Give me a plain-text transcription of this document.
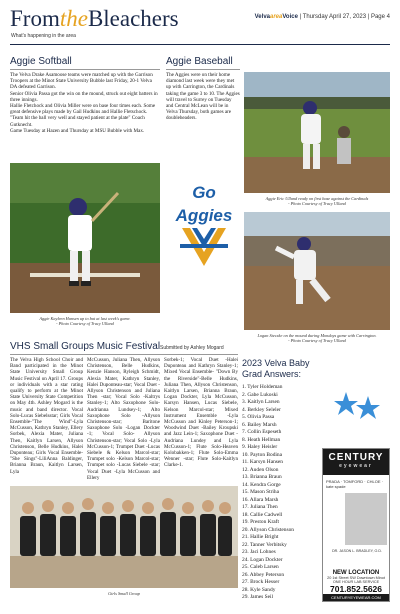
FromtheBleachers
What's happening in the area
VelvaareaVoice | Thursday April 27, 2023 | Page 4
Aggie Softball

The Velva Drake Asamoose teams were matched up with the Garrison Troopers at the Minot State University Bubble last Friday, 20-1 Velva DA defeated Garrison.

Senior Olivia Passa got the win on the mound, struck out eight batters in three innings.

Hallie Fletchock and Olivia Miller were on base four times each. Some great defensive plays made by Gail Hudkins and Hallie Fletschock. "Team hit the ball very well and stayed patient at the plate" Coach Gutknecht.

Game Tuesday at Hazen and Thursday at MSU Bubble with Max.

Aggie Kayleen Hansen up to bat at last week's game.
- Photo Courtesy of Tracy Ulland
Aggie Baseball
The Aggies were on their home diamond last week were they met up with Carrington, the Cardinals taking the game 3 to 10. The Aggies will travel to Surrey on Tuesday and Central McLean will be in Velva Thursday, both games are doubleheaders.
Aggie Eric Ulland ready on first base against the Cardinals
- Photo Courtesy of Tracy Ulland
Go
Aggies
Logan Stecxke on the mound during Mondays game with Carrington.
- Photo Courtesy of Tracy Ulland
VHS Small Groups Music Festival Submitted by Ashley Mogard
The Velva High School Choir and Band participated in the Minot State University Small Group Music Festival on April 17. Groups or individuals with a star rating qualify to perform at the Minot State University State Competition on May 4th. Ashley Mogard is the music and band director. Vocal Solo-Lucas Siebelsstar; Girls Vocal Ensemble-"The Wind"-Lyla McCusson, Kathryn Stanley, Ellery Sorbek, Alexia Mater, Juliana Then, Kaitlyn Larsen, Allyson Christenson, Belle Hudkins, Halei Duponteau; Girls Vocal Ensemble-"She Sings"-LiliAnna Baldinger, Brianna Braun, Kaitlyn Larsen, Lyla
McCusson, Juliana Then, Allyson Christenson, Belle Hudkins, Kenzie Hanson, Ryleigh Schmidt, Alexia Mater, Kathryn Stanley, Halei Duponteau-star; Vocal Duet -Allyson Christenson and Juliana Then -star; Vocal Solo -Kaltrys Stanley-1; Alto Saxophone Solo-Audrianna Lundsey-1; Alto Saxophone Solo -Allyson Christenson-star; Baritone Saxophone Solo -Logan Dockter -1; Vocal Solo- Allyson Christenson-star; Vocal Solo -Lyla McCusson-1; Trumpet Duet -Lucas Siebele & Kelson Marcol-star; Trumpet solo -Kelson Marcol-star; Trumpet solo -Lucas Siebele -star; Vocal Duet -Lyla McCusson and Ellery
Sorbek-1; Vocal Duet -Halei Duponteau and Kathryn Stanley-1; Mixed Vocal Ensemble- "Down By the Riverside"-Belle Hudkins, Juliana Then, Allyson Christenson, Kaitlyn Larsen, Brianna Braun, Logan Dockter, Lyla McCusson, Karsyn Hansen, Lucas Siebele, Kelson Marcol-star; Mixed Instrument Ensemble -Lyla McCusson and Kinley Peterson-1; Woodwind Duet -Bailey Kroupski and Jazz Lein-1; Saxophone Duet -Audriana Lundey and Lyla McCusson-1; Flute Solo-Heaven Kolobakken-1; Flute Solo-Emma Wenner -star; Flute Solo-Kaitlyn Clarke-1.
Girls Small Group
2023 Velva Baby
Grad Answers:
1. Tyler Holdeman
2. Gabe Lukoski
3. Kaitlyn Larsen
4. Berkley Seleler
5. Olivia Passa
6. Bailey Marsh
7. Collin Espeseth
8. Heath Hellman
9. Haley Heisler
10. Payton Bodina
11. Karsyn Hansen
12. Auden Olson
13. Brianna Braun
14. Kendra Gorge
15. Mason Striha
16. Allara Marsh
17. Juliana Then
18. Callie Cadwell
19. Preston Kraft
20. Allyson Christenson
21. Hallie Bright
22. Tanner Verbitsky
23. Jaci Lohnes
24. Logan Dockter
25. Caleb Larsen
26. Abbey Peterson
27. Brock Hesser
28. Kyle Sandy
29. James Seil
CENTURY
eyewear
PRADA · TOMFORD · CHLOE · kate spade
DR. JASON L. BRADLEY, O.D.
NEW LOCATION
20 1st Street SW Downtown Minot
ONE HOUR LAB SERVICE
701.852.5626
CENTURYEYEWEAR.COM
